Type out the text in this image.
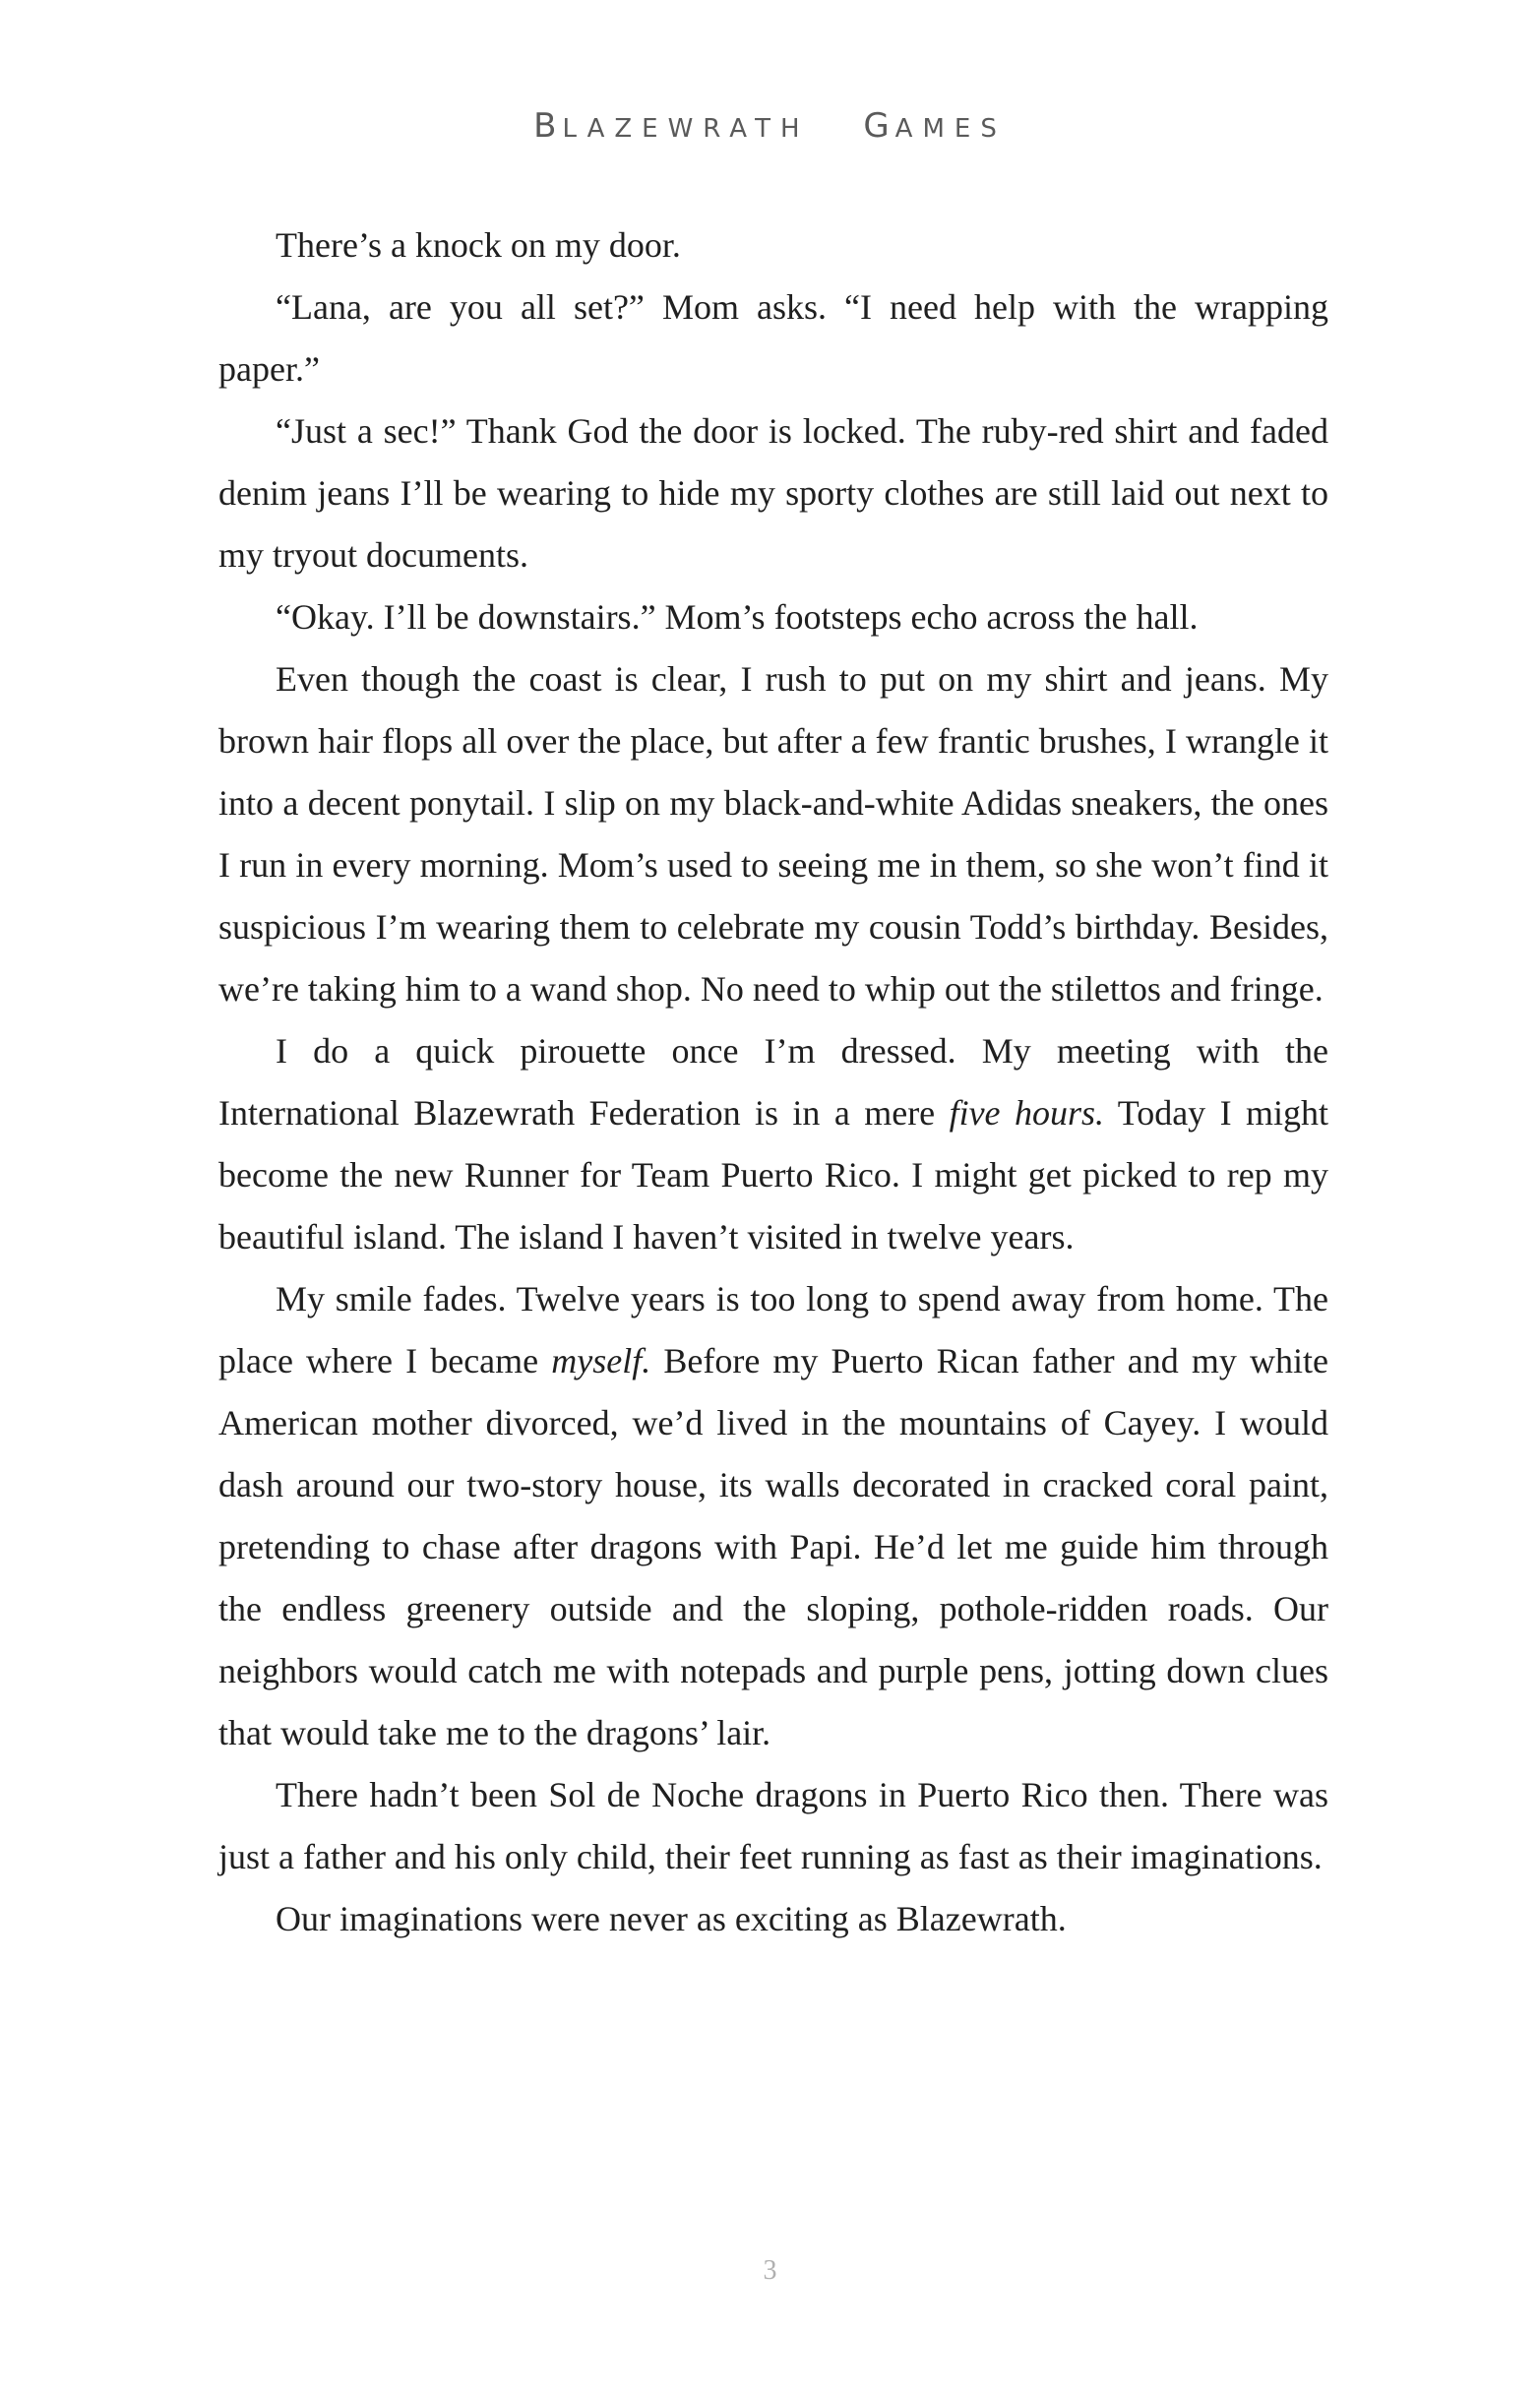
BLAZEWRATH GAMES

There’s a knock on my door.

“Lana, are you all set?” Mom asks. “I need help with the wrapping paper.”

“Just a sec!” Thank God the door is locked. The ruby-red shirt and faded denim jeans I’ll be wearing to hide my sporty clothes are still laid out next to my tryout documents.

“Okay. I’ll be downstairs.” Mom’s footsteps echo across the hall.

Even though the coast is clear, I rush to put on my shirt and jeans. My brown hair flops all over the place, but after a few frantic brushes, I wrangle it into a decent ponytail. I slip on my black-and-white Adidas sneakers, the ones I run in every morning. Mom’s used to seeing me in them, so she won’t find it suspicious I’m wearing them to celebrate my cousin Todd’s birthday. Besides, we’re taking him to a wand shop. No need to whip out the stilettos and fringe.

I do a quick pirouette once I’m dressed. My meeting with the International Blazewrath Federation is in a mere five hours. Today I might become the new Runner for Team Puerto Rico. I might get picked to rep my beautiful island. The island I haven’t visited in twelve years.

My smile fades. Twelve years is too long to spend away from home. The place where I became myself. Before my Puerto Rican father and my white American mother divorced, we’d lived in the mountains of Cayey. I would dash around our two-story house, its walls decorated in cracked coral paint, pretending to chase after dragons with Papi. He’d let me guide him through the endless greenery outside and the sloping, pothole-ridden roads. Our neighbors would catch me with notepads and purple pens, jotting down clues that would take me to the dragons’ lair.

There hadn’t been Sol de Noche dragons in Puerto Rico then. There was just a father and his only child, their feet running as fast as their imaginations.

Our imaginations were never as exciting as Blazewrath.

3
